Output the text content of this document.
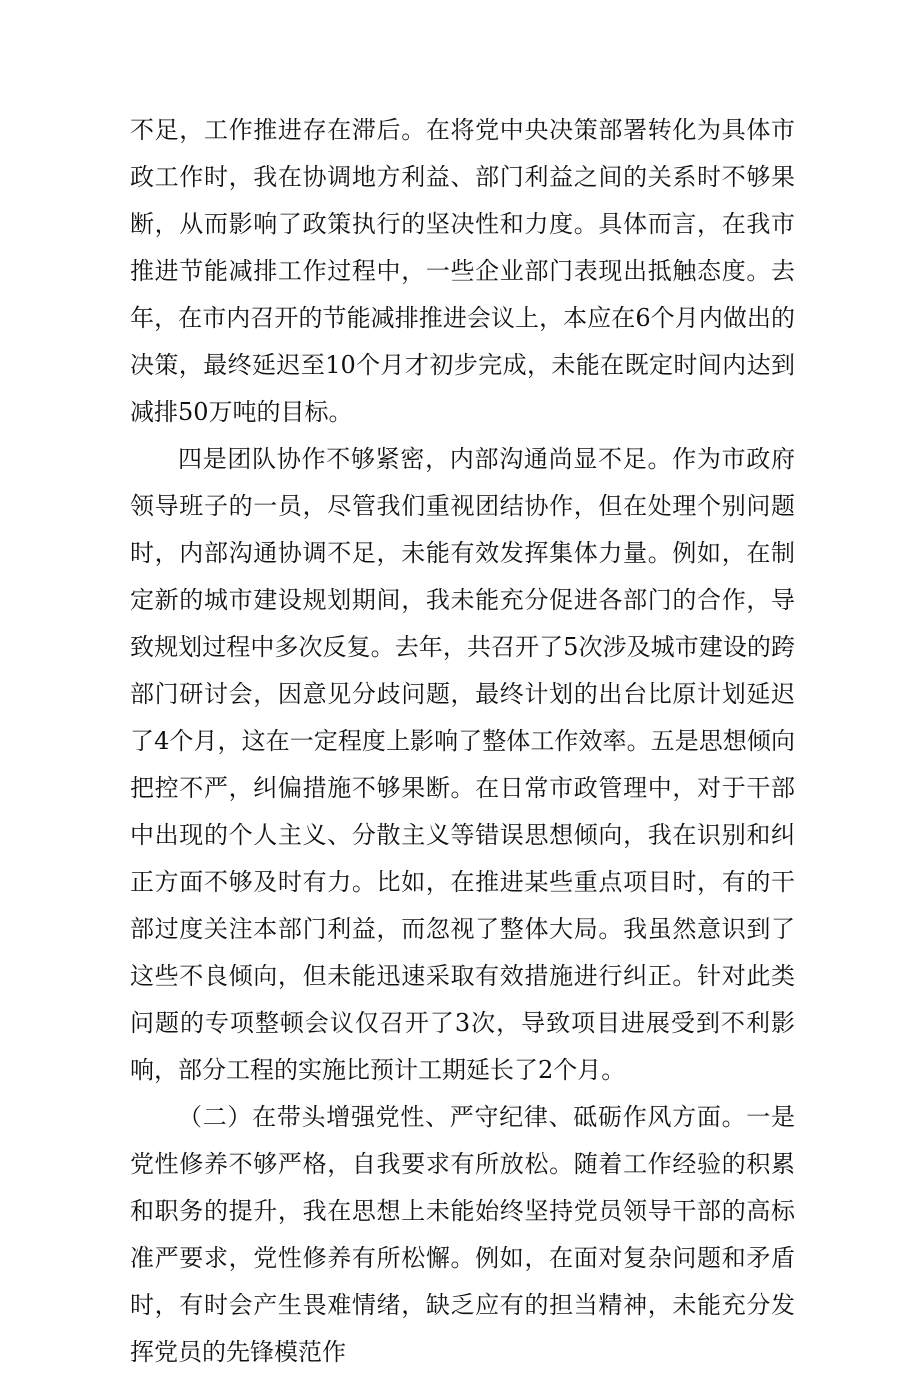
不足，工作推进存在滞后。在将党中央决策部署转化为具体市政工作时，我在协调地方利益、部门利益之间的关系时不够果断，从而影响了政策执行的坚决性和力度。具体而言，在我市推进节能减排工作过程中，一些企业部门表现出抵触态度。去年，在市内召开的节能减排推进会议上，本应在6个月内做出的决策，最终延迟至10个月才初步完成，未能在既定时间内达到减排50万吨的目标。

四是团队协作不够紧密，内部沟通尚显不足。作为市政府领导班子的一员，尽管我们重视团结协作，但在处理个别问题时，内部沟通协调不足，未能有效发挥集体力量。例如，在制定新的城市建设规划期间，我未能充分促进各部门的合作，导致规划过程中多次反复。去年，共召开了5次涉及城市建设的跨部门研讨会，因意见分歧问题，最终计划的出台比原计划延迟了4个月，这在一定程度上影响了整体工作效率。五是思想倾向把控不严，纠偏措施不够果断。在日常市政管理中，对于干部中出现的个人主义、分散主义等错误思想倾向，我在识别和纠正方面不够及时有力。比如，在推进某些重点项目时，有的干部过度关注本部门利益，而忽视了整体大局。我虽然意识到了这些不良倾向，但未能迅速采取有效措施进行纠正。针对此类问题的专项整顿会议仅召开了3次，导致项目进展受到不利影响，部分工程的实施比预计工期延长了2个月。

（二）在带头增强党性、严守纪律、砥砺作风方面。一是党性修养不够严格，自我要求有所放松。随着工作经验的积累和职务的提升，我在思想上未能始终坚持党员领导干部的高标准严要求，党性修养有所松懈。例如，在面对复杂问题和矛盾时，有时会产生畏难情绪，缺乏应有的担当精神，未能充分发挥党员的先锋模范作
